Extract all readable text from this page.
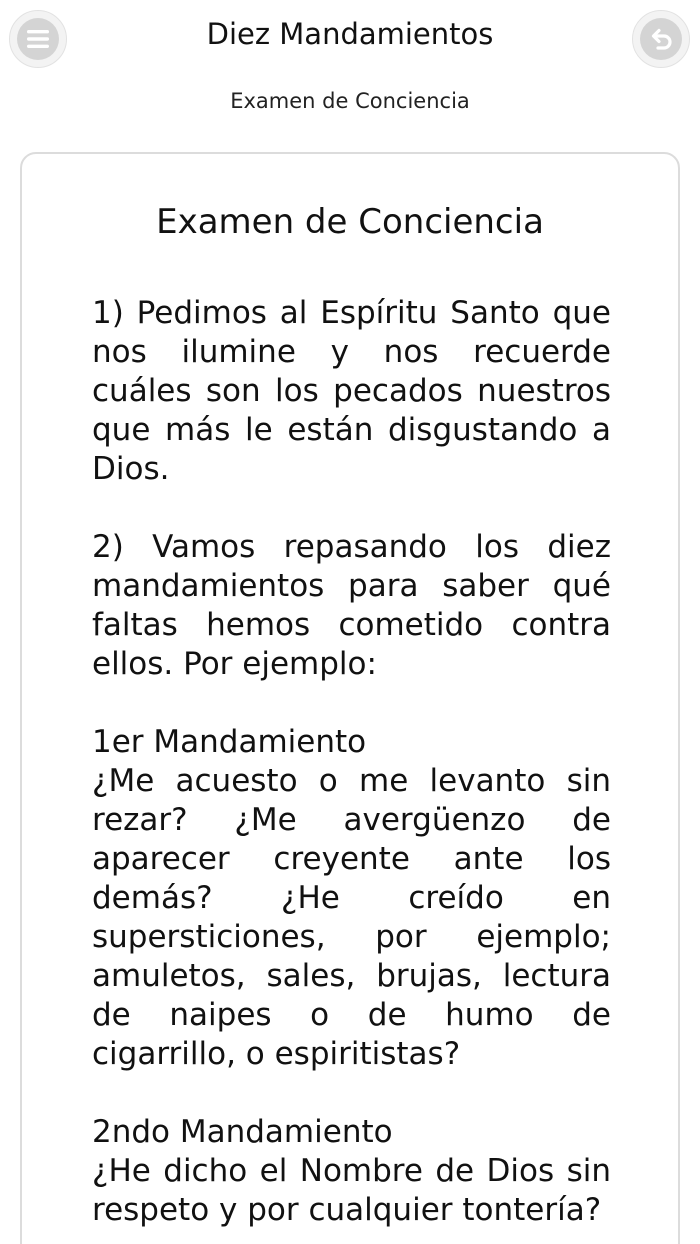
Diez Mandamientos
Examen de Conciencia
Examen de Conciencia

1) Pedimos al Espíritu Santo que nos ilumine y nos recuerde cuáles son los pecados nuestros que más le están disgustando a Dios.

2) Vamos repasando los diez mandamientos para saber qué faltas hemos cometido contra ellos. Por ejemplo:

1er Mandamiento
¿Me acuesto o me levanto sin rezar? ¿Me avergüenzo de aparecer creyente ante los demás? ¿He creído en supersticiones, por ejemplo; amuletos, sales, brujas, lectura de naipes o de humo de cigarrillo, o espiritistas?

2ndo Mandamiento
¿He dicho el Nombre de Dios sin respeto y por cualquier tontería?
